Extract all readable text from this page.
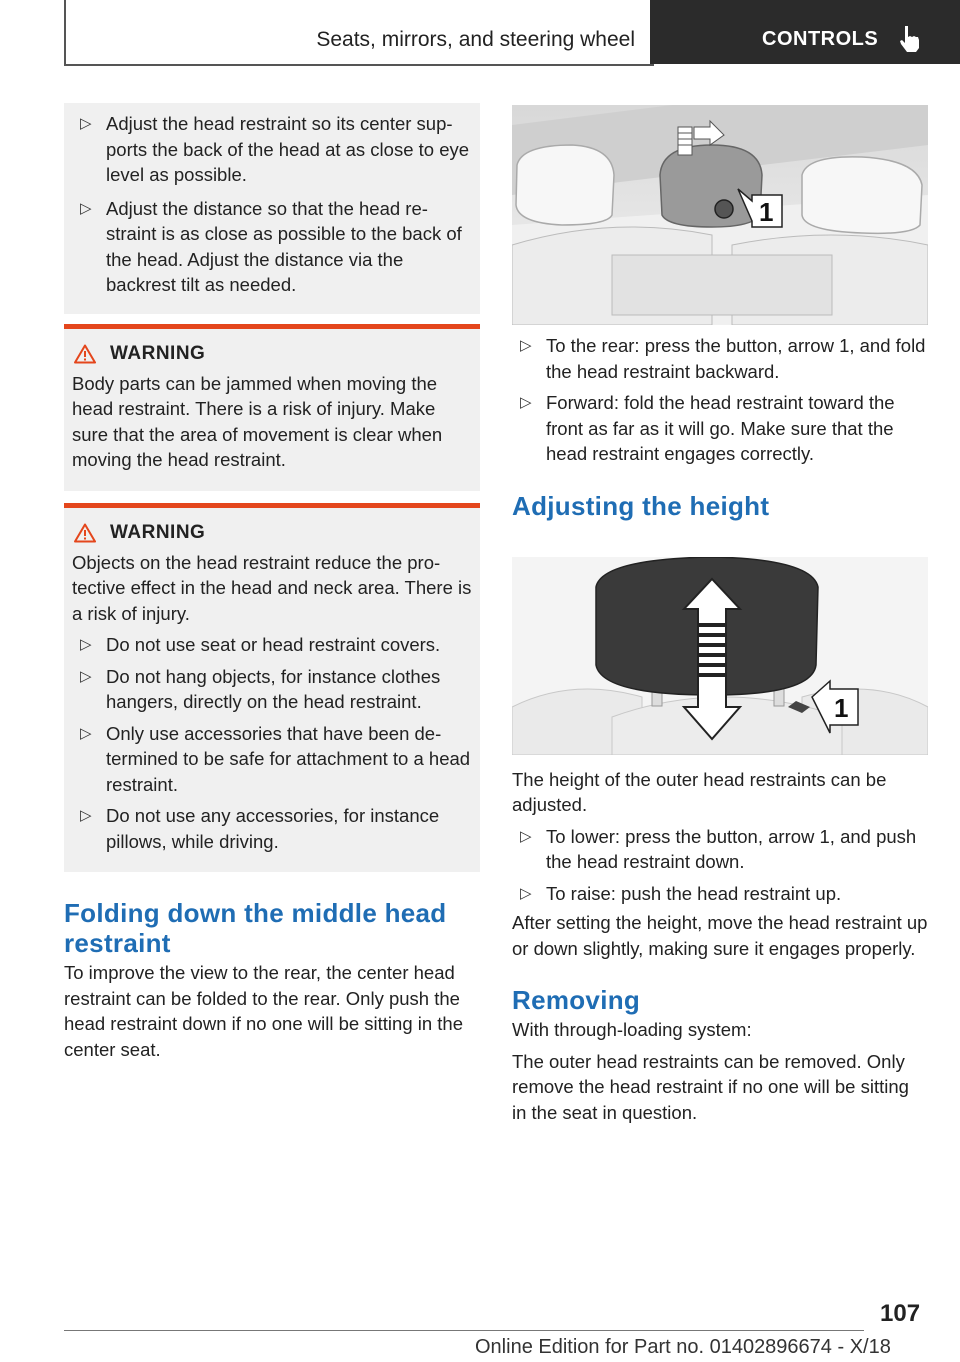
Seats, mirrors, and steering wheel	CONTROLS
▷ Adjust the head restraint so its center supports the back of the head at as close to eye level as possible.
▷ Adjust the distance so that the head restraint is as close as possible to the back of the head. Adjust the distance via the backrest tilt as needed.
WARNING

Body parts can be jammed when moving the head restraint. There is a risk of injury. Make sure that the area of movement is clear when moving the head restraint.

WARNING

Objects on the head restraint reduce the protective effect in the head and neck area. There is a risk of injury.

▷ Do not use seat or head restraint covers.
▷ Do not hang objects, for instance clothes hangers, directly on the head restraint.
▷ Only use accessories that have been determined to be safe for attachment to a head restraint.
▷ Do not use any accessories, for instance pillows, while driving.
Folding down the middle head restraint

To improve the view to the rear, the center head restraint can be folded to the rear. Only push the head restraint down if no one will be sitting in the center seat.

1
▷ To the rear: press the button, arrow 1, and fold the head restraint backward.
▷ Forward: fold the head restraint toward the front as far as it will go. Make sure that the head restraint engages correctly.
Adjusting the height
1

The height of the outer head restraints can be adjusted.

▷ To lower: press the button, arrow 1, and push the head restraint down.
▷ To raise: push the head restraint up.

After setting the height, move the head restraint up or down slightly, making sure it engages properly.

Removing

With through-loading system:

The outer head restraints can be removed. Only remove the head restraint if no one will be sitting in the seat in question.

107
Online Edition for Part no. 01402896674 - X/18
